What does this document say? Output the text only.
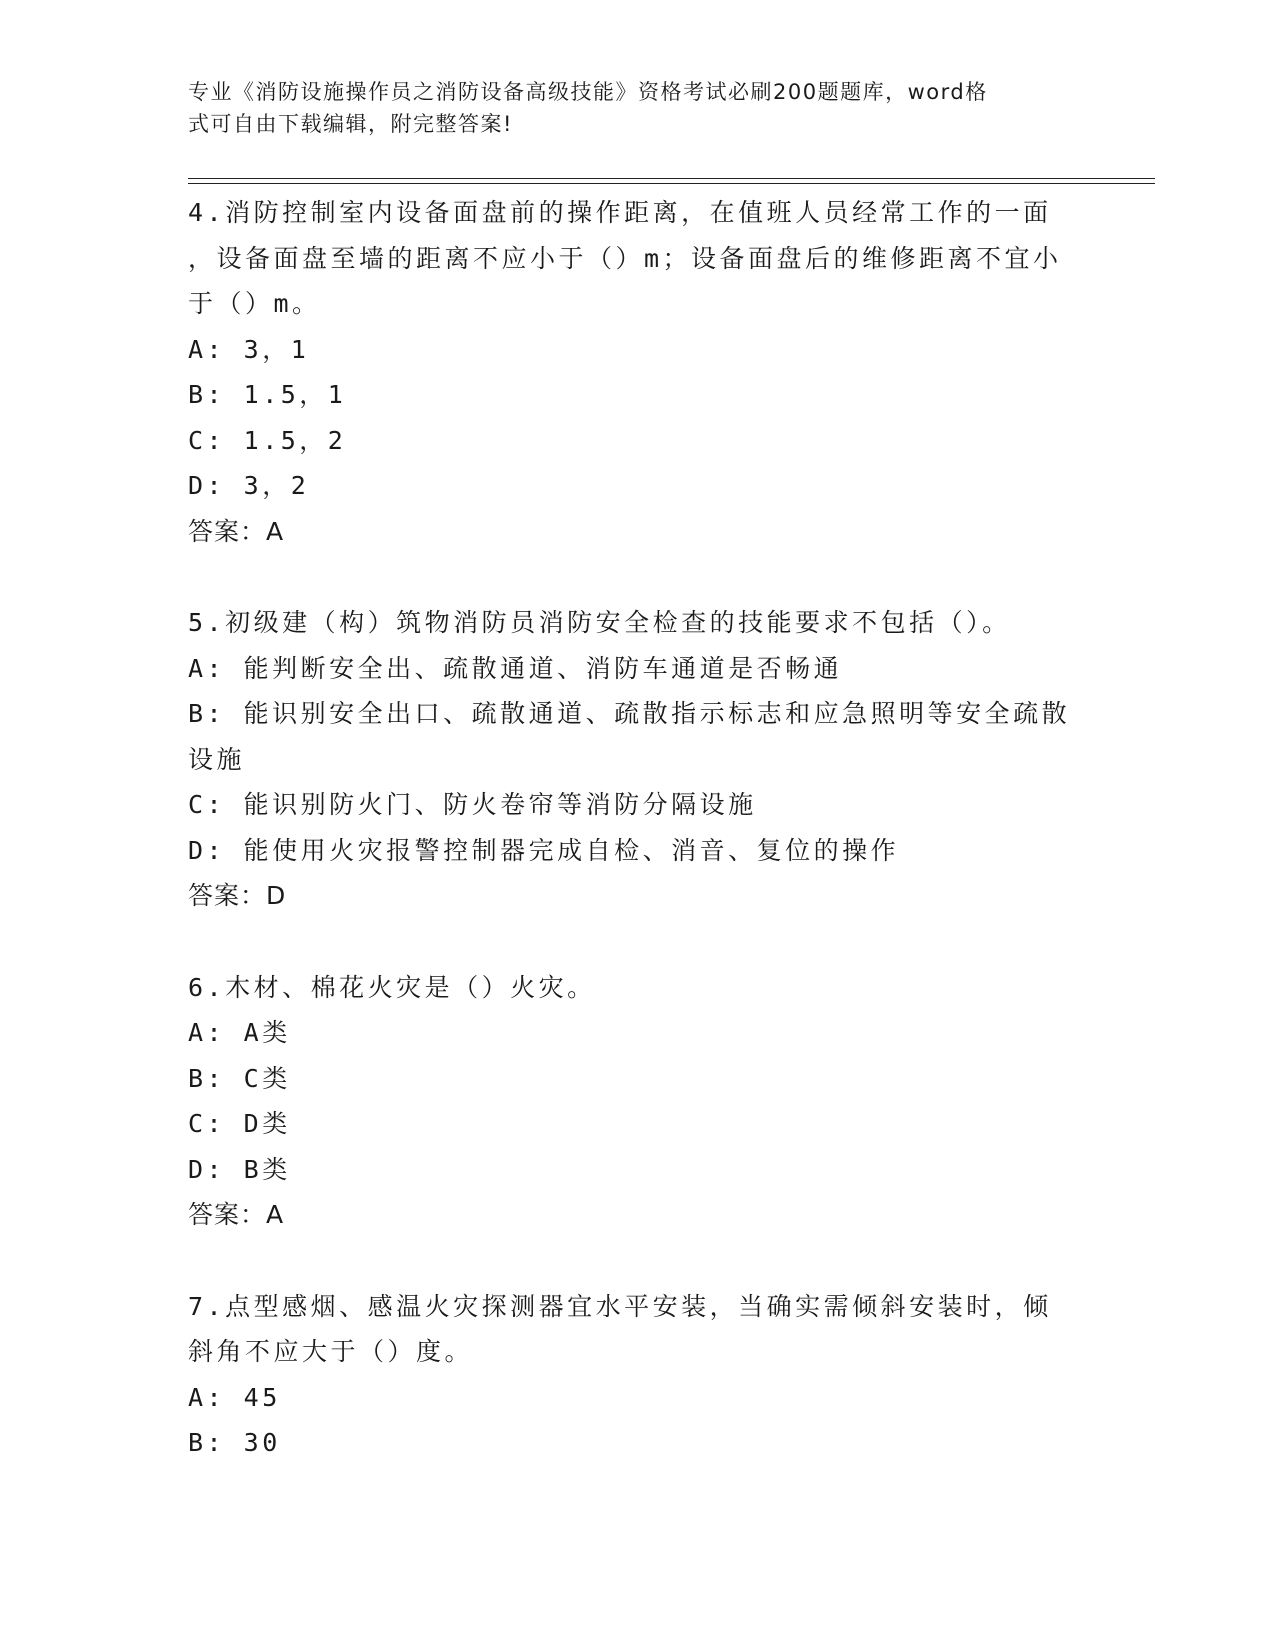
专业《消防设施操作员之消防设备高级技能》资格考试必刷200题题库，word格
式可自由下载编辑，附完整答案!
4.消防控制室内设备面盘前的操作距离，在值班人员经常工作的一面
，设备面盘至墙的距离不应小于（）m；设备面盘后的维修距离不宜小
于（）m。
A: 3，1
B: 1.5，1
C: 1.5，2
D: 3，2
答案：A
5.初级建（构）筑物消防员消防安全检查的技能要求不包括（）。
A: 能判断安全出、疏散通道、消防车通道是否畅通
B: 能识别安全出口、疏散通道、疏散指示标志和应急照明等安全疏散
设施
C: 能识别防火门、防火卷帘等消防分隔设施
D: 能使用火灾报警控制器完成自检、消音、复位的操作
答案：D
6.木材、棉花火灾是（）火灾。
A: A类
B: C类
C: D类
D: B类
答案：A
7.点型感烟、感温火灾探测器宜水平安装，当确实需倾斜安装时，倾
斜角不应大于（）度。
A: 45
B: 30
